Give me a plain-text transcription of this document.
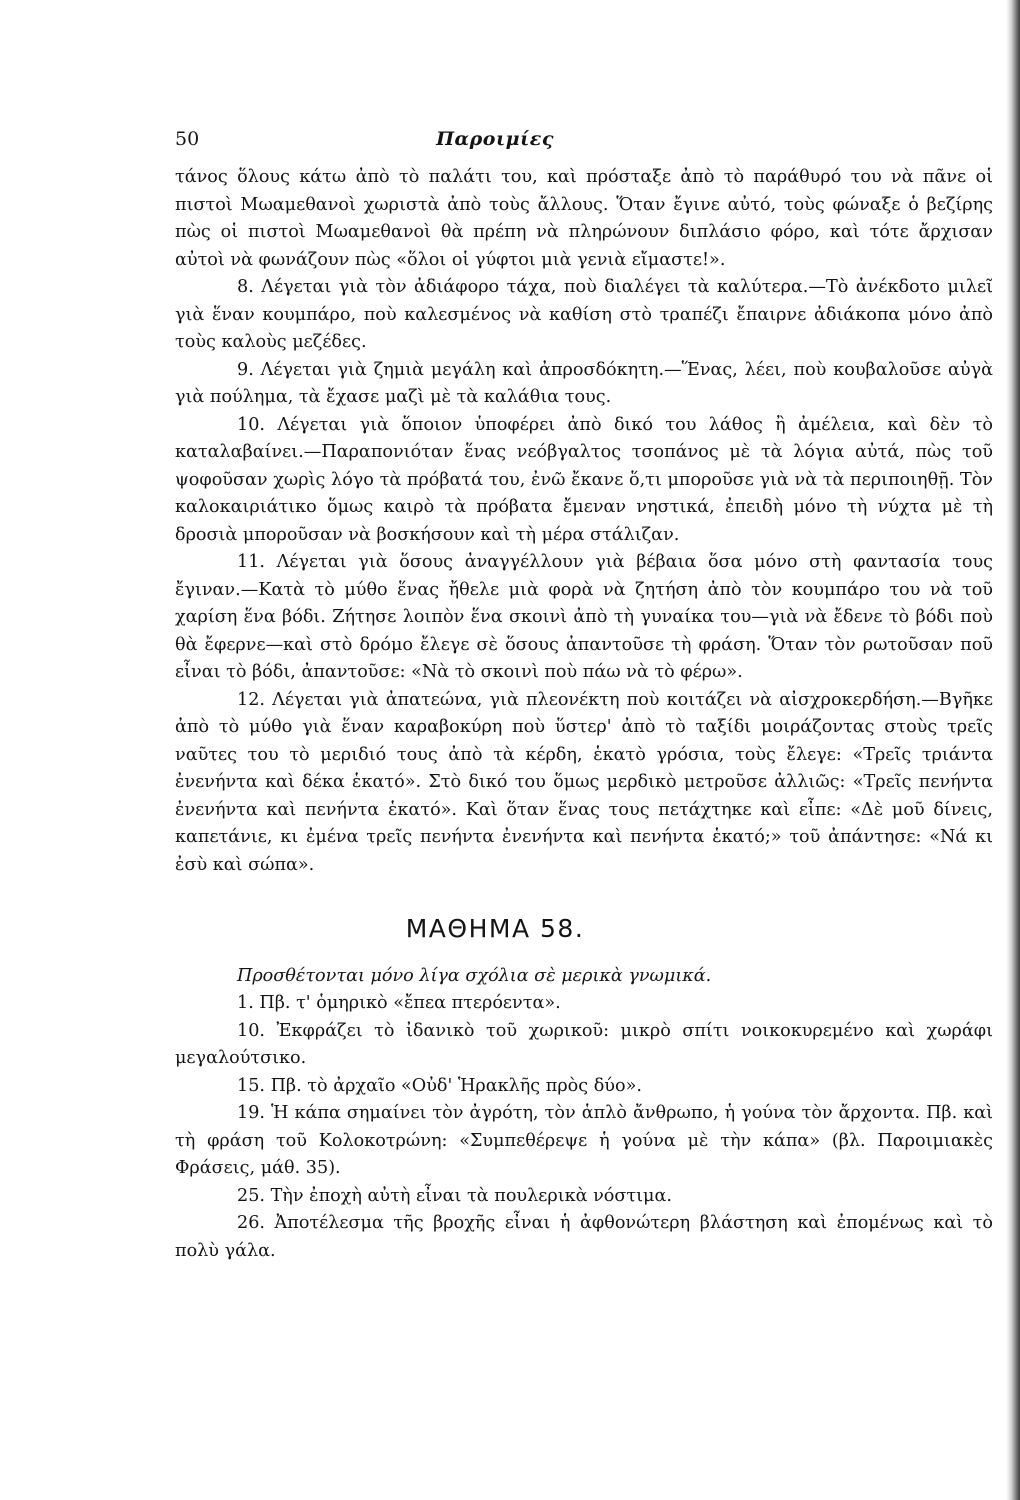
50	Παροιμίες

τάνος ὅλους κάτω ἀπὸ τὸ παλάτι του, καὶ πρόσταξε ἀπὸ τὸ παράθυρό του νὰ πᾶνε οἱ πιστοὶ Μωαμεθανοὶ χωριστὰ ἀπὸ τοὺς ἄλλους. Ὅταν ἔγινε αὐτό, τοὺς φώναξε ὁ βεζίρης πὼς οἱ πιστοὶ Μωαμεθανοὶ θὰ πρέπη νὰ πληρώνουν διπλάσιο φόρο, καὶ τότε ἄρχισαν αὐτοὶ νὰ φωνάζουν πὼς «ὅλοι οἱ γύφτοι μιὰ γενιὰ εἴμαστε!».

8. Λέγεται γιὰ τὸν ἀδιάφορο τάχα, ποὺ διαλέγει τὰ καλύτερα.—Τὸ ἀνέκδοτο μιλεῖ γιὰ ἕναν κουμπάρο, ποὺ καλεσμένος νὰ καθίση στὸ τραπέζι ἔπαιρνε ἀδιάκοπα μόνο ἀπὸ τοὺς καλοὺς μεζέδες.

9. Λέγεται γιὰ ζημιὰ μεγάλη καὶ ἀπροσδόκητη.—Ἕνας, λέει, ποὺ κουβαλοῦσε αὐγὰ γιὰ πούλημα, τὰ ἔχασε μαζὶ μὲ τὰ καλάθια τους.

10. Λέγεται γιὰ ὅποιον ὑποφέρει ἀπὸ δικό του λάθος ἢ ἀμέλεια, καὶ δὲν τὸ καταλαβαίνει.—Παραπονιόταν ἕνας νεόβγαλτος τσοπάνος μὲ τὰ λόγια αὐτά, πὼς τοῦ ψοφοῦσαν χωρὶς λόγο τὰ πρόβατά του, ἐνῶ ἔκανε ὅ,τι μποροῦσε γιὰ νὰ τὰ περιποιηθῇ. Τὸν καλοκαιριάτικο ὅμως καιρὸ τὰ πρόβατα ἔμεναν νηστικά, ἐπειδὴ μόνο τὴ νύχτα μὲ τὴ δροσιὰ μποροῦσαν νὰ βοσκήσουν καὶ τὴ μέρα στάλιζαν.

11. Λέγεται γιὰ ὅσους ἀναγγέλλουν γιὰ βέβαια ὅσα μόνο στὴ φαντασία τους ἔγιναν.—Κατὰ τὸ μύθο ἕνας ἤθελε μιὰ φορὰ νὰ ζητήση ἀπὸ τὸν κουμπάρο του νὰ τοῦ χαρίση ἕνα βόδι. Ζήτησε λοιπὸν ἕνα σκοινὶ ἀπὸ τὴ γυναίκα του—γιὰ νὰ ἔδενε τὸ βόδι ποὺ θὰ ἔφερνε—καὶ στὸ δρόμο ἔλεγε σὲ ὅσους ἀπαντοῦσε τὴ φράση. Ὅταν τὸν ρωτοῦσαν ποῦ εἶναι τὸ βόδι, ἀπαντοῦσε: «Νὰ τὸ σκοινὶ ποὺ πάω νὰ τὸ φέρω».

12. Λέγεται γιὰ ἀπατεώνα, γιὰ πλεονέκτη ποὺ κοιτάζει νὰ αἰσχροκερδήση.—Βγῆκε ἀπὸ τὸ μύθο γιὰ ἕναν καραβοκύρη ποὺ ὕστερ' ἀπὸ τὸ ταξίδι μοιράζοντας στοὺς τρεῖς ναῦτες του τὸ μεριδιό τους ἀπὸ τὰ κέρδη, ἑκατὸ γρόσια, τοὺς ἔλεγε: «Τρεῖς τριάντα ἐνενήντα καὶ δέκα ἑκατό». Στὸ δικό του ὅμως μερδικὸ μετροῦσε ἀλλιῶς: «Τρεῖς πενήντα ἐνενήντα καὶ πενήντα ἑκατό». Καὶ ὅταν ἕνας τους πετάχτηκε καὶ εἶπε: «Δὲ μοῦ δίνεις, καπετάνιε, κι ἐμένα τρεῖς πενήντα ἐνενήντα καὶ πενήντα ἑκατό;» τοῦ ἀπάντησε: «Νά κι ἐσὺ καὶ σώπα».

ΜΑΘΗΜΑ 58.

Προσθέτονται μόνο λίγα σχόλια σὲ μερικὰ γνωμικά.

1. Πβ. τ' ὁμηρικὸ «ἔπεα πτερόεντα».

10. Ἐκφράζει τὸ ἰδανικὸ τοῦ χωρικοῦ: μικρὸ σπίτι νοικοκυρεμένο καὶ χωράφι μεγαλούτσικο.

15. Πβ. τὸ ἀρχαῖο «Οὐδ' Ἡρακλῆς πρὸς δύο».

19. Ἡ κάπα σημαίνει τὸν ἀγρότη, τὸν ἁπλὸ ἄνθρωπο, ἡ γούνα τὸν ἄρχοντα. Πβ. καὶ τὴ φράση τοῦ Κολοκοτρώνη: «Συμπεθέρεψε ἡ γούνα μὲ τὴν κάπα» (βλ. Παροιμιακὲς Φράσεις, μάθ. 35).

25. Τὴν ἐποχὴ αὐτὴ εἶναι τὰ πουλερικὰ νόστιμα.

26. Ἀποτέλεσμα τῆς βροχῆς εἶναι ἡ ἀφθονώτερη βλάστηση καὶ ἐπομένως καὶ τὸ πολὺ γάλα.
